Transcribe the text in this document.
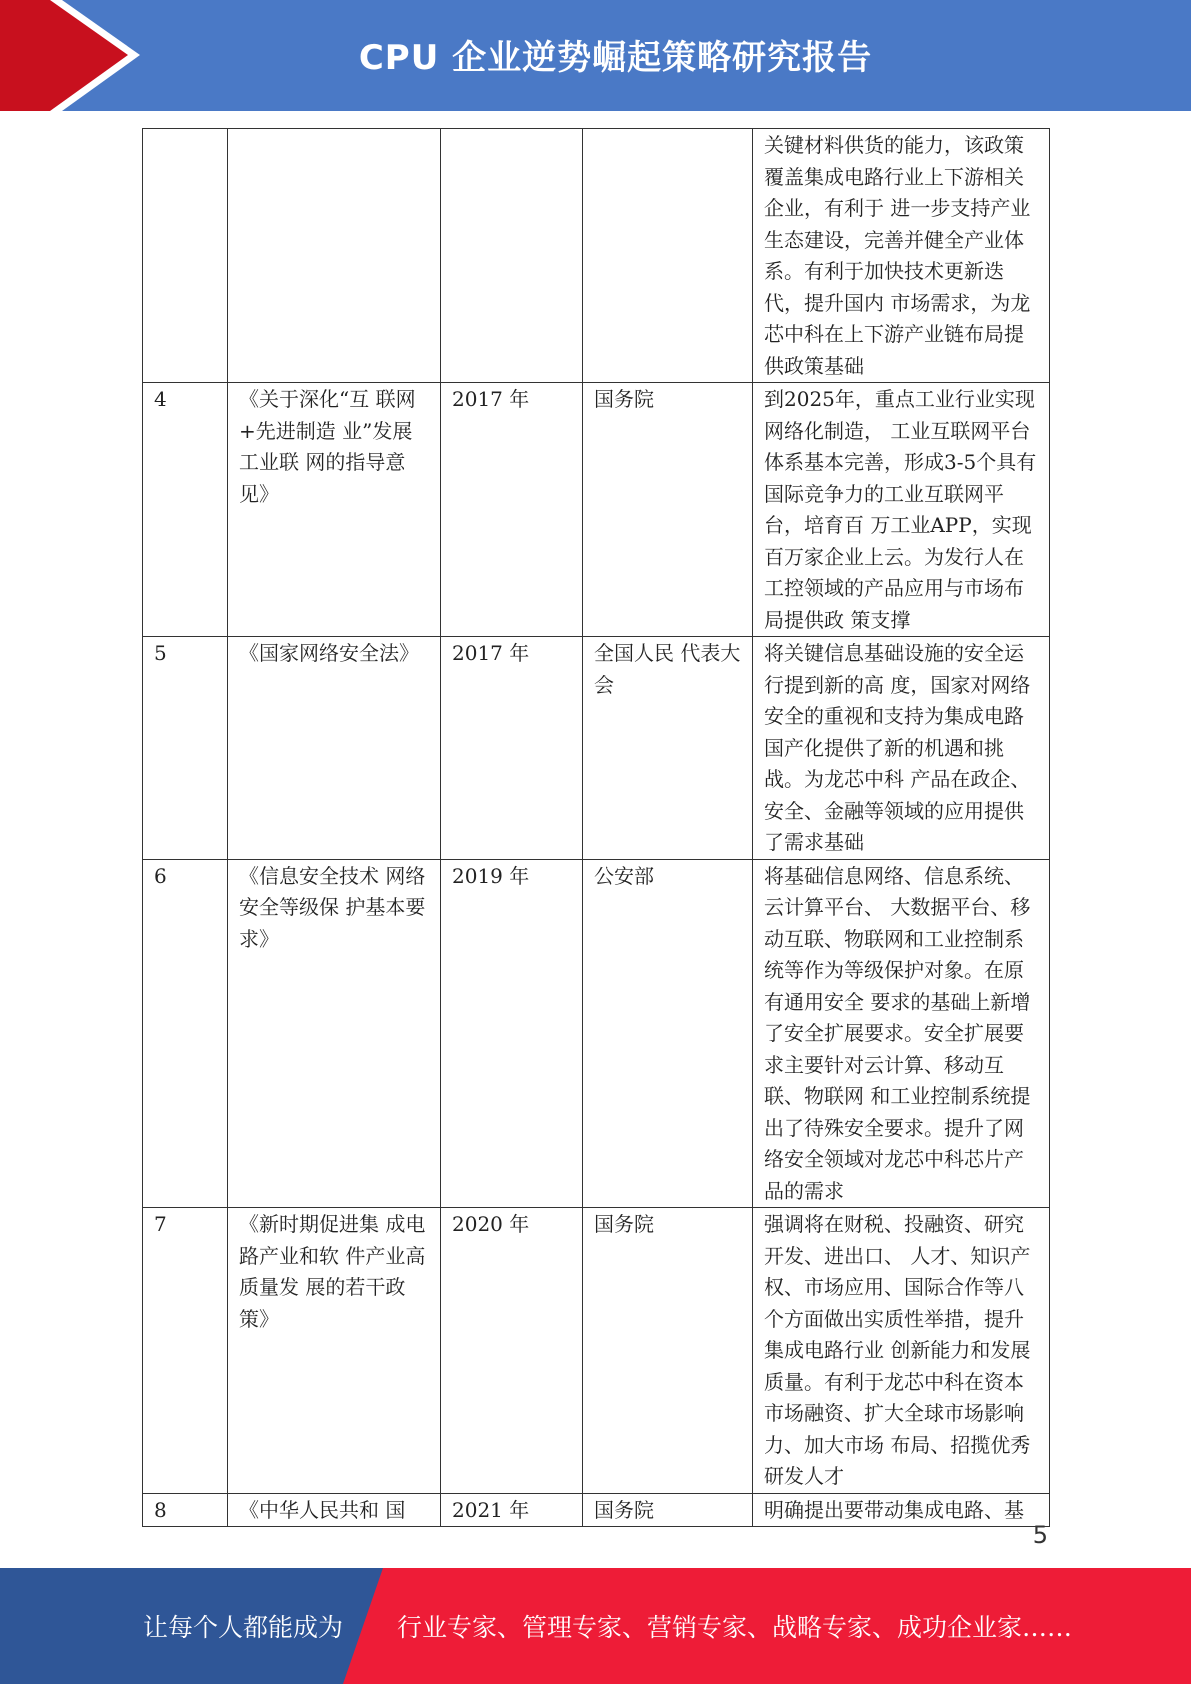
CPU 企业逆势崛起策略研究报告
				关键材料供货的能力，该政策覆盖集成电路行业上下游相关企业，有利于 进一步支持产业生态建设，完善并健全产业体系。有利于加快技术更新迭代，提升国内 市场需求，为龙芯中科在上下游产业链布局提 供政策基础
4	《关于深化“互 联网+先进制造 业”发展工业联 网的指导意见》	2017 年	国务院	到2025年，重点工业行业实现网络化制造， 工业互联网平台体系基本完善，形成3-5个具有国际竞争力的工业互联网平台，培育百 万工业APP，实现百万家企业上云。为发行人在工控领域的产品应用与市场布局提供政 策支撑
5	《国家网络安全法》	2017 年	全国人民 代表大会	将关键信息基础设施的安全运行提到新的高 度，国家对网络安全的重视和支持为集成电路国产化提供了新的机遇和挑战。为龙芯中科 产品在政企、安全、金融等领域的应用提供 了需求基础
6	《信息安全技术 网络安全等级保 护基本要求》	2019 年	公安部	将基础信息网络、信息系统、云计算平台、 大数据平台、移动互联、物联网和工业控制系统等作为等级保护对象。在原有通用安全 要求的基础上新增了安全扩展要求。安全扩展要求主要针对云计算、移动互联、物联网 和工业控制系统提出了待殊安全要求。提升了网络安全领域对龙芯中科芯片产品的需求
7	《新时期促进集 成电路产业和软 件产业高质量发 展的若干政策》	2020 年	国务院	强调将在财税、投融资、研究开发、进出口、 人才、知识产权、市场应用、国际合作等八 个方面做出实质性举措，提升集成电路行业 创新能力和发展质量。有利于龙芯中科在资本 市场融资、扩大全球市场影响力、加大市场 布局、招揽优秀研发人才
8	《中华人民共和 国	2021 年	国务院	明确提出要带动集成电路、基
5
让每个人都能成为 行业专家、管理专家、营销专家、战略专家、成功企业家……
